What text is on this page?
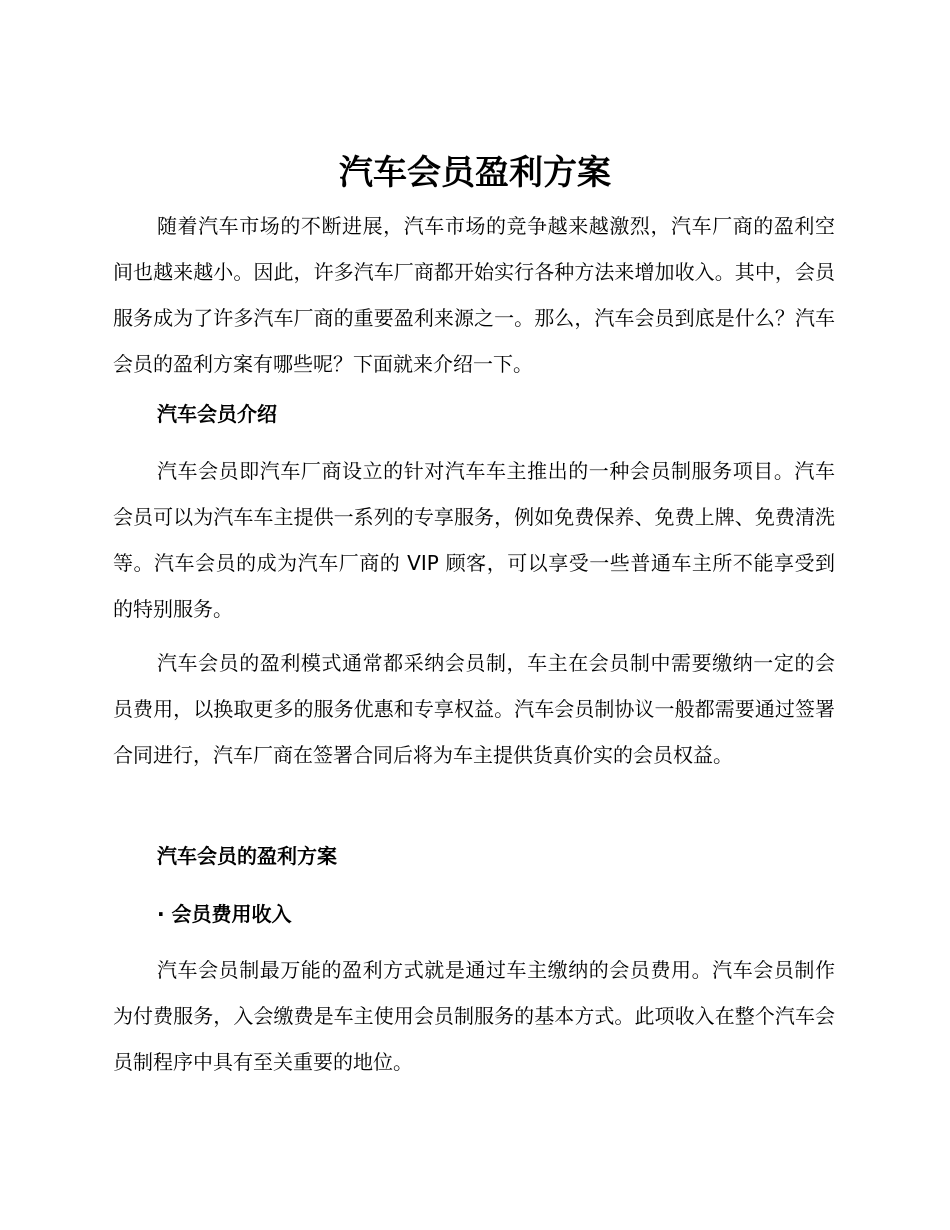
汽车会员盈利方案

随着汽车市场的不断进展，汽车市场的竞争越来越激烈，汽车厂商的盈利空间也越来越小。因此，许多汽车厂商都开始实行各种方法来增加收入。其中，会员服务成为了许多汽车厂商的重要盈利来源之一。那么，汽车会员到底是什么？汽车会员的盈利方案有哪些呢？下面就来介绍一下。

汽车会员介绍

汽车会员即汽车厂商设立的针对汽车车主推出的一种会员制服务项目。汽车会员可以为汽车车主提供一系列的专享服务，例如免费保养、免费上牌、免费清洗等。汽车会员的成为汽车厂商的 VIP 顾客，可以享受一些普通车主所不能享受到的特别服务。

汽车会员的盈利模式通常都采纳会员制，车主在会员制中需要缴纳一定的会员费用，以换取更多的服务优惠和专享权益。汽车会员制协议一般都需要通过签署合同进行，汽车厂商在签署合同后将为车主提供货真价实的会员权益。

汽车会员的盈利方案

· 会员费用收入

汽车会员制最万能的盈利方式就是通过车主缴纳的会员费用。汽车会员制作为付费服务，入会缴费是车主使用会员制服务的基本方式。此项收入在整个汽车会员制程序中具有至关重要的地位。
